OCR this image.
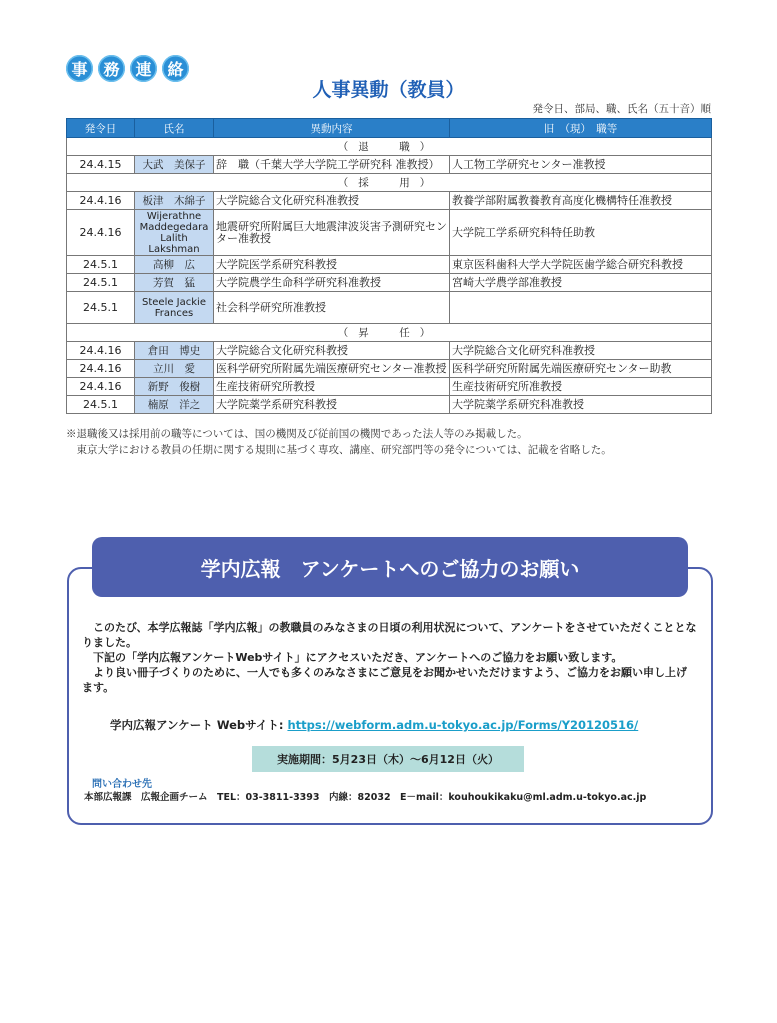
事 務 連 絡
人事異動（教員）
発令日、部局、職、氏名（五十音）順
発令日	氏名	異動内容	旧　（現）　職等
（退　職）			
24.4.15	大武　美保子	辞　職（千葉大学大学院工学研究科 准教授）	人工物工学研究センター准教授
（採　用）			
24.4.16	板津　木綿子	大学院総合文化研究科准教授	教養学部附属教養教育高度化機構特任准教授
24.4.16	Wijerathne Maddegedara Lalith Lakshman	地震研究所附属巨大地震津波災害予測研究センター准教授	大学院工学系研究科特任助教
24.5.1	高柳　広	大学院医学系研究科教授	東京医科歯科大学大学院医歯学総合研究科教授
24.5.1	芳賀　猛	大学院農学生命科学研究科准教授	宮崎大学農学部准教授
24.5.1	Steele Jackie Frances	社会科学研究所准教授	
（昇　任）			
24.4.16	倉田　博史	大学院総合文化研究科教授	大学院総合文化研究科准教授
24.4.16	立川　愛	医科学研究所附属先端医療研究センター准教授	医科学研究所附属先端医療研究センター助教
24.4.16	新野　俊樹	生産技術研究所教授	生産技術研究所准教授
24.5.1	楠原　洋之	大学院薬学系研究科教授	大学院薬学系研究科准教授
※退職後又は採用前の職等については、国の機関及び従前国の機関であった法人等のみ掲載した。
　東京大学における教員の任期に関する規則に基づく専攻、講座、研究部門等の発令については、記載を省略した。
学内広報　アンケートへのご協力のお願い

このたび、本学広報誌「学内広報」の教職員のみなさまの日頃の利用状況について、アンケートをさせていただくこととなりました。

下記の「学内広報アンケートWebサイト」にアクセスいただき、アンケートへのご協力をお願い致します。

より良い冊子づくりのために、一人でも多くのみなさまにご意見をお聞かせいただけますよう、ご協力をお願い申し上げます。

学内広報アンケート Webサイト: https://webform.adm.u-tokyo.ac.jp/Forms/Y20120516/
実施期間：5月23日（木）〜6月12日（火）
問い合わせ先
本部広報課　広報企画チーム　TEL：03-3811-3393　内線：82032　E－mail：kouhoukikaku@ml.adm.u-tokyo.ac.jp
